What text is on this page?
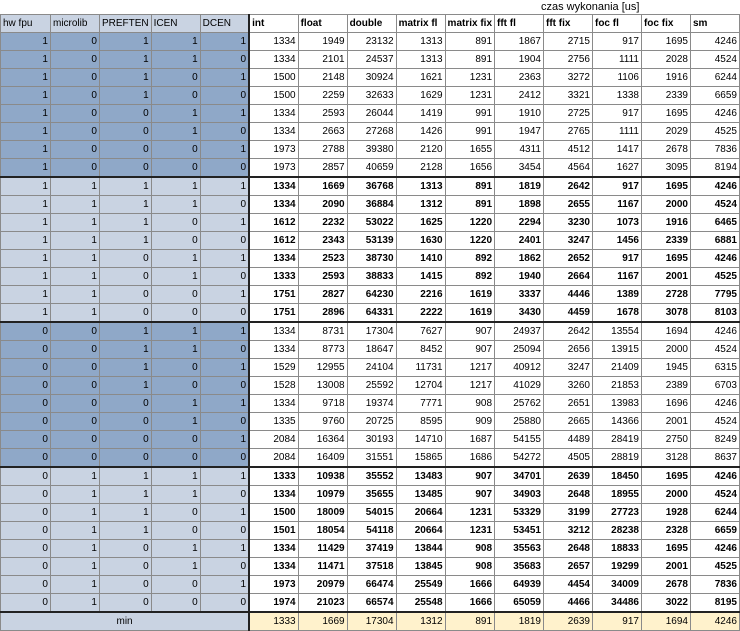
czas wykonania [us]
hw fpu	microlib	PREFTEN	ICEN	DCEN	int	float	double	matrix fl	matrix fix	fft fl	fft fix	foc fl	foc fix	sm
1	0	1	1	1	1334	1949	23132	1313	891	1867	2715	917	1695	4246
1	0	1	1	0	1334	2101	24537	1313	891	1904	2756	1111	2028	4524
1	0	1	0	1	1500	2148	30924	1621	1231	2363	3272	1106	1916	6244
1	0	1	0	0	1500	2259	32633	1629	1231	2412	3321	1338	2339	6659
1	0	0	1	1	1334	2593	26044	1419	991	1910	2725	917	1695	4246
1	0	0	1	0	1334	2663	27268	1426	991	1947	2765	1111	2029	4525
1	0	0	0	1	1973	2788	39380	2120	1655	4311	4512	1417	2678	7836
1	0	0	0	0	1973	2857	40659	2128	1656	3454	4564	1627	3095	8194
1	1	1	1	1	1334	1669	36768	1313	891	1819	2642	917	1695	4246
1	1	1	1	0	1334	2090	36884	1312	891	1898	2655	1167	2000	4524
1	1	1	0	1	1612	2232	53022	1625	1220	2294	3230	1073	1916	6465
1	1	1	0	0	1612	2343	53139	1630	1220	2401	3247	1456	2339	6881
1	1	0	1	1	1334	2523	38730	1410	892	1862	2652	917	1695	4246
1	1	0	1	0	1333	2593	38833	1415	892	1940	2664	1167	2001	4525
1	1	0	0	1	1751	2827	64230	2216	1619	3337	4446	1389	2728	7795
1	1	0	0	0	1751	2896	64331	2222	1619	3430	4459	1678	3078	8103
0	0	1	1	1	1334	8731	17304	7627	907	24937	2642	13554	1694	4246
0	0	1	1	0	1334	8773	18647	8452	907	25094	2656	13915	2000	4524
0	0	1	0	1	1529	12955	24104	11731	1217	40912	3247	21409	1945	6315
0	0	1	0	0	1528	13008	25592	12704	1217	41029	3260	21853	2389	6703
0	0	0	1	1	1334	9718	19374	7771	908	25762	2651	13983	1696	4246
0	0	0	1	0	1335	9760	20725	8595	909	25880	2665	14366	2001	4524
0	0	0	0	1	2084	16364	30193	14710	1687	54155	4489	28419	2750	8249
0	0	0	0	0	2084	16409	31551	15865	1686	54272	4505	28819	3128	8637
0	1	1	1	1	1333	10938	35552	13483	907	34701	2639	18450	1695	4246
0	1	1	1	0	1334	10979	35655	13485	907	34903	2648	18955	2000	4524
0	1	1	0	1	1500	18009	54015	20664	1231	53329	3199	27723	1928	6244
0	1	1	0	0	1501	18054	54118	20664	1231	53451	3212	28238	2328	6659
0	1	0	1	1	1334	11429	37419	13844	908	35563	2648	18833	1695	4246
0	1	0	1	0	1334	11471	37518	13845	908	35683	2657	19299	2001	4525
0	1	0	0	1	1973	20979	66474	25549	1666	64939	4454	34009	2678	7836
0	1	0	0	0	1974	21023	66574	25548	1666	65059	4466	34486	3022	8195
min					1333	1669	17304	1312	891	1819	2639	917	1694	4246
